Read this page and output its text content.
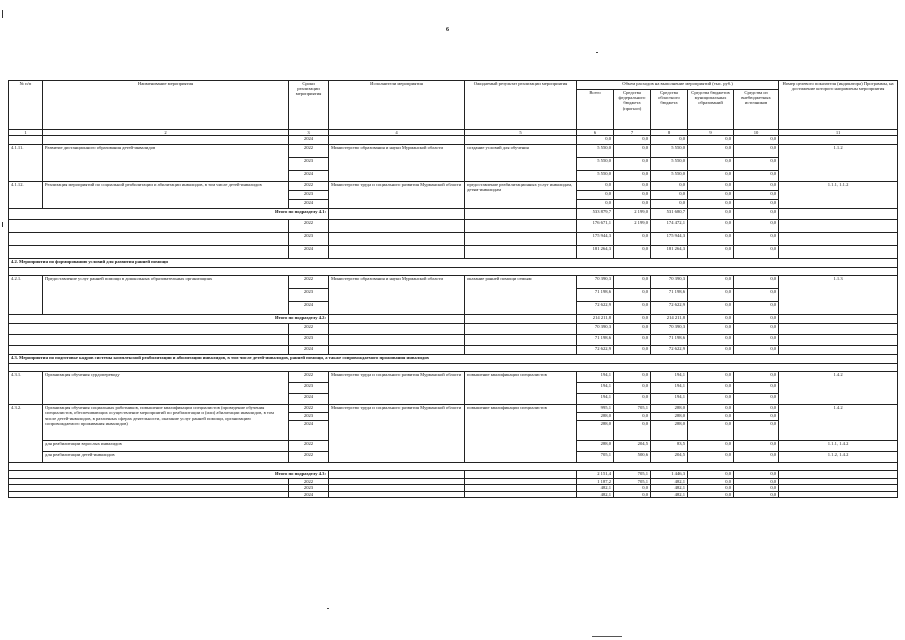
6
№ п/п	Наименование мероприятия	Сроки реализации мероприятия	Исполнители мероприятия	Ожидаемый результат реализации мероприятия	Объем расходов на выполнение мероприятий (тыс. руб.)					Номер целевого показателя (индикатора) Программы, на достижение которого направлены мероприятия
					Всего	Средства федерального бюджета (прогноз)	Средства областного бюджета	Средства бюджетов муниципальных образований	Средства из внебюджетных источников	
1	2	3	4	5	6	7	8	9	10	11
		2024			0,0	0,0	0,0	0,0	0,0	
4.1.11.	Развитие дистанционного образования детей-инвалидов	2022	Министерство образования и науки Мурманской области	создание условий для обучения	5 550,0	0,0	5 550,0	0,0	0,0	1.1.2
		2023			5 550,0	0,0	5 550,0	0,0	0,0	
		2024			5 550,0	0,0	5 550,0	0,0	0,0	
4.1.12.	Реализация мероприятий по социальной реабилитации и абилитации инвалидов, в том числе детей-инвалидов	2022	Министерство труда и социального развития Мурманской области	предоставление реабилитационных услуг инвалидам, детям-инвалидам	0,0	0,0	0,0	0,0	0,0	1.1.1, 1.1.2
		2023			0,0	0,0	0,0	0,0	0,0	
		2024			0,0	0,0	0,0	0,0	0,0	
Итого по подразделу 4.1:					533 879,7	2 199,0	531 680,7	0,0	0,0	
		2022			176 671,1	2 199,0	174 472,1	0,0	0,0	
		2023			175 944,3	0,0	175 944,3	0,0	0,0	
		2024			181 264,3	0,0	181 264,3	0,0	0,0	
4.2. Мероприятия по формированию условий для развития ранней помощи										

4.2.1.	Предоставление услуг ранней помощи в дошкольных образовательных организациях	2022	Министерство образования и науки Мурманской области	оказание ранней помощи семьям	70 390,3	0,0	70 390,3	0,0	0,0	1.1.3
		2023			71 198,6	0,0	71 198,6	0,0	0,0	
		2024			72 622,9	0,0	72 622,9	0,0	0,0	
Итого по подразделу 4.2:					214 211,8	0,0	214 211,8	0,0	0,0	
		2022			70 390,3	0,0	70 390,3	0,0	0,0	
		2023			71 198,6	0,0	71 198,6	0,0	0,0	
		2024			72 622,9	0,0	72 622,9	0,0	0,0	
4.3. Мероприятия по подготовке кадров системы комплексной реабилитации и абилитации инвалидов, в том числе детей-инвалидов, ранней помощи, а также сопровождаемого проживания инвалидов										

4.3.1.	Организация обучения сурдопереводу	2022	Министерство труда и социального развития Мурманской области	повышение квалификации специалистов	194,1	0,0	194,1	0,0	0,0	1.4.2
		2023			194,1	0,0	194,1	0,0	0,0	
		2024			194,1	0,0	194,1	0,0	0,0	
4.3.2.	Организация обучения социальных работников, повышение квалификации специалистов (проведение обучения специалистов, обеспечивающих осуществление мероприятий по реабилитации и (или) абилитации инвалидов, в том числе детей-инвалидов, в различных сферах деятельности, оказание услуг ранней помощи, организацию сопровождаемого проживания инвалидов)	2022	Министерство труда и социального развития Мурманской области	повышение квалификации специалистов	995,1	705,1	288,0	0,0	0,0	1.4.2
		2023			288,0	0,0	288,0	0,0	0,0	
		2024			288,0	0,0	288,0	0,0	0,0	
	для реабилитации взрослых инвалидов	2022			288,0	204,5	83,5	0,0	0,0	1.1.1, 1.4.2
	для реабилитации детей-инвалидов	2022			705,1	500,6	204,5	0,0	0,0	1.1.2, 1.4.2

Итого по подразделу 4.3:					2 151,4	705,1	1 446,3	0,0	0,0	
		2022			1 187,2	705,1	482,1	0,0	0,0	
		2023			482,1	0,0	482,1	0,0	0,0	
		2024			482,1	0,0	482,1	0,0	0,0	
